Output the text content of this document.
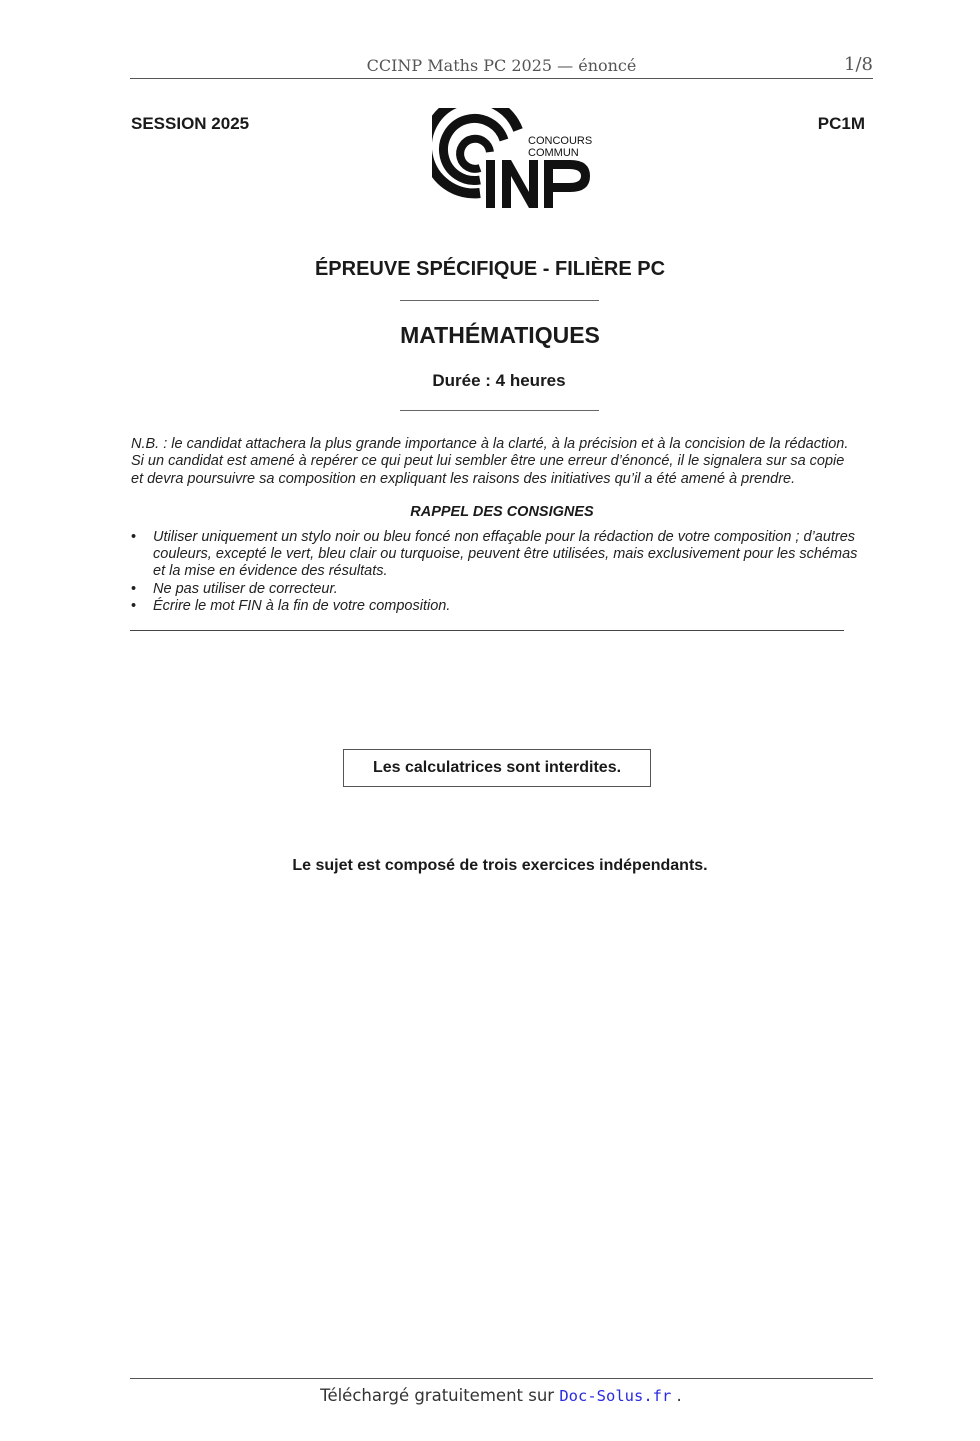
CCINP Maths PC 2025 — énoncé	1/8
SESSION 2025	PC1M
CONCOURS
COMMUN
ÉPREUVE SPÉCIFIQUE - FILIÈRE PC
MATHÉMATIQUES
Durée : 4 heures

N.B. : le candidat attachera la plus grande importance à la clarté, à la précision et à la concision de la rédaction.

Si un candidat est amené à repérer ce qui peut lui sembler être une erreur d’énoncé, il le signalera sur sa copie

et devra poursuivre sa composition en expliquant les raisons des initiatives qu’il a été amené à prendre.

RAPPEL DES CONSIGNES
• Utiliser uniquement un stylo noir ou bleu foncé non effaçable pour la rédaction de votre composition ; d’autres
couleurs, excepté le vert, bleu clair ou turquoise, peuvent être utilisées, mais exclusivement pour les schémas
et la mise en évidence des résultats.
• Ne pas utiliser de correcteur.
• Écrire le mot FIN à la fin de votre composition.
Les calculatrices sont interdites.
Le sujet est composé de trois exercices indépendants.
Téléchargé gratuitement sur Doc-Solus.fr .
